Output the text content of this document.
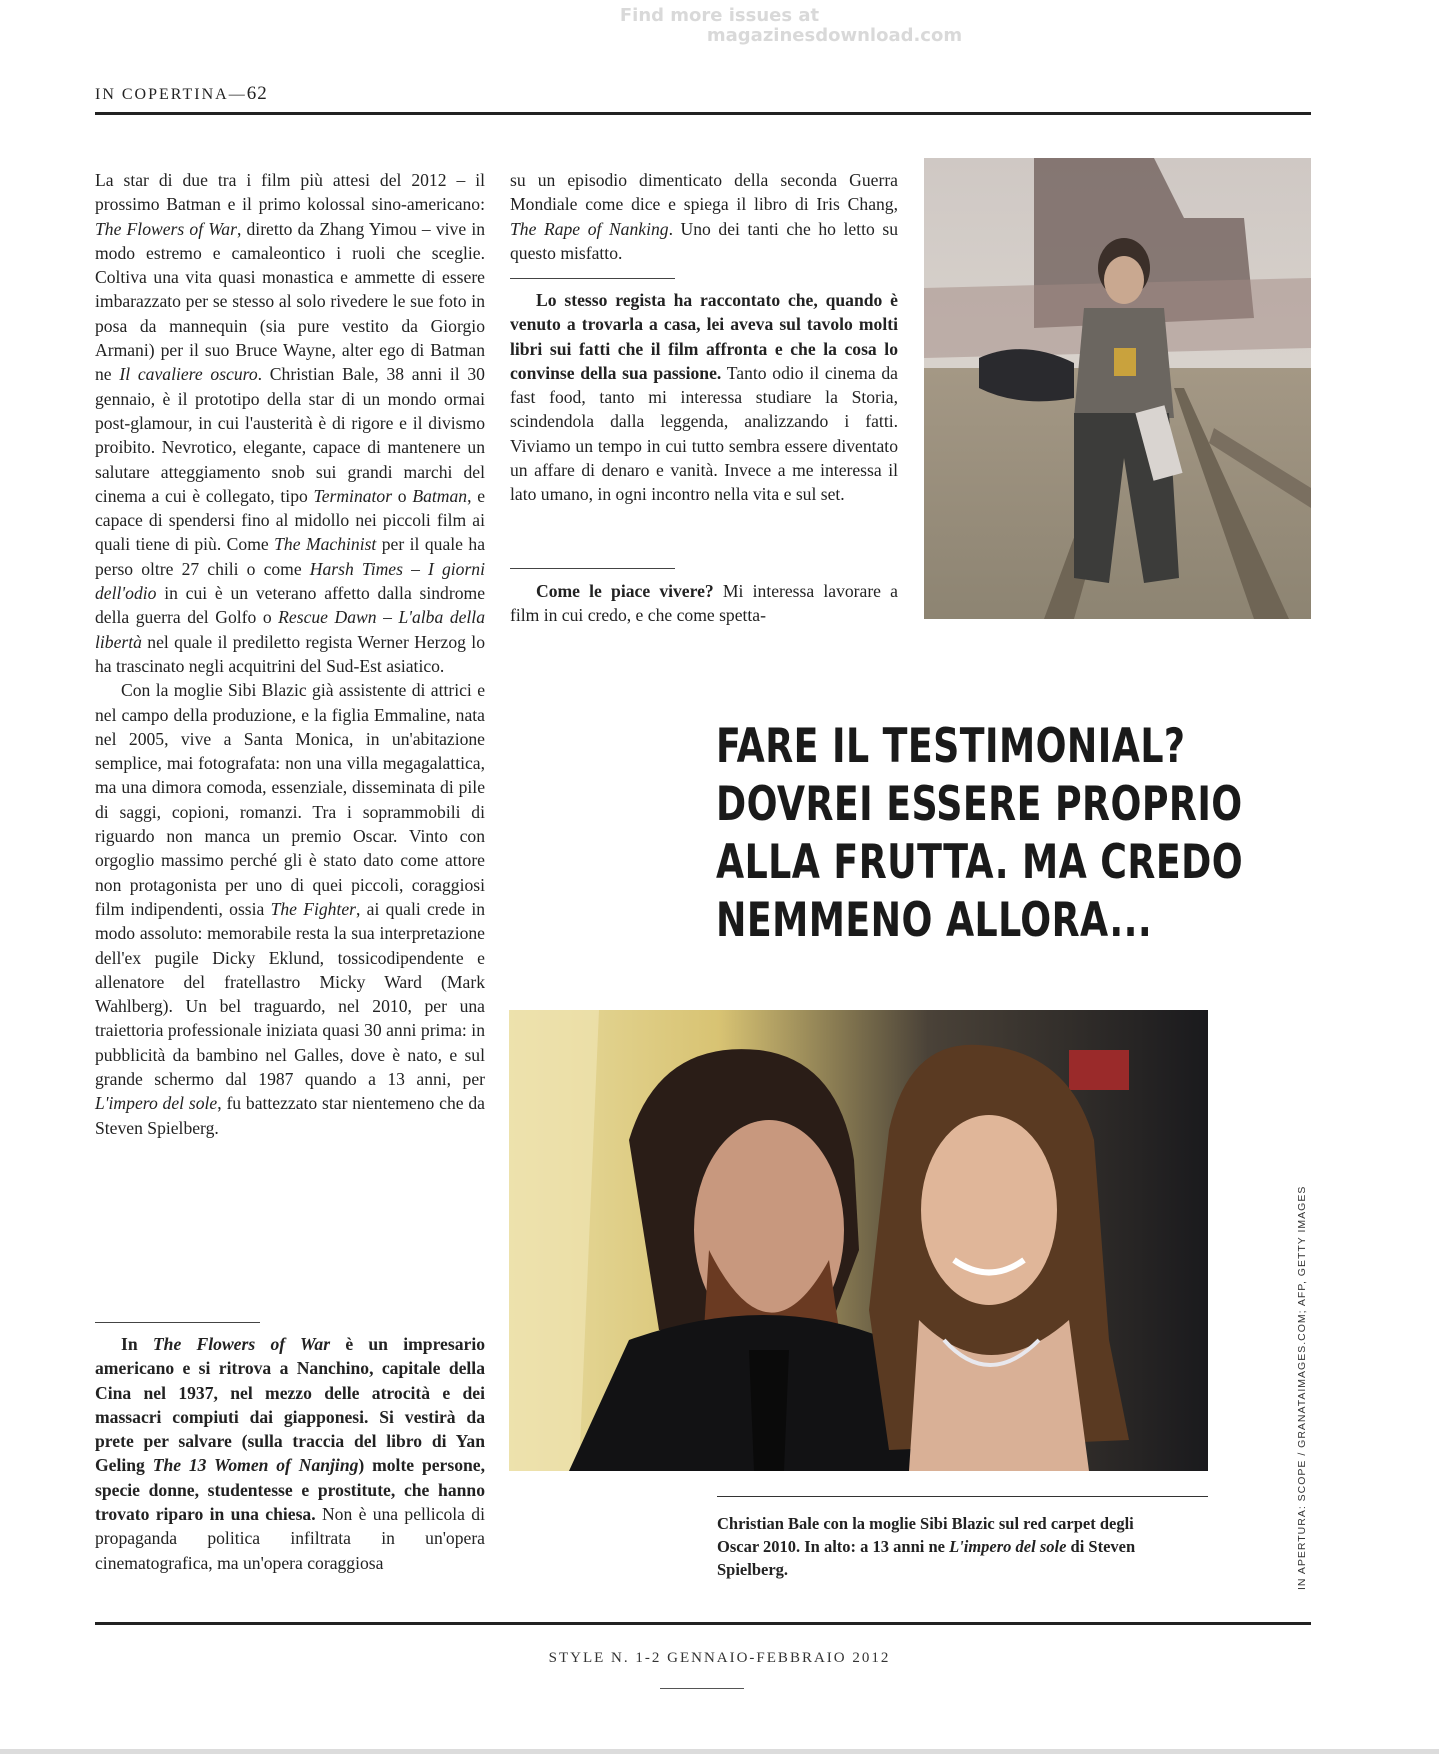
Find more issues at
magazinesdownload.com
IN COPERTINA—62

La star di due tra i film più attesi del 2012 – il prossimo Batman e il primo kolossal sino-americano: The Flowers of War, diretto da Zhang Yimou – vive in modo estremo e camaleontico i ruoli che sceglie. Coltiva una vita quasi monastica e ammette di essere imbarazzato per se stesso al solo rivedere le sue foto in posa da mannequin (sia pure vestito da Giorgio Armani) per il suo Bruce Wayne, alter ego di Batman ne Il cavaliere oscuro. Christian Bale, 38 anni il 30 gennaio, è il prototipo della star di un mondo ormai post-glamour, in cui l'austerità è di rigore e il divismo proibito. Nevrotico, elegante, capace di mantenere un salutare atteggiamento snob sui grandi marchi del cinema a cui è collegato, tipo Terminator o Batman, e capace di spendersi fino al midollo nei piccoli film ai quali tiene di più. Come The Machinist per il quale ha perso oltre 27 chili o come Harsh Times – I giorni dell'odio in cui è un veterano affetto dalla sindrome della guerra del Golfo o Rescue Dawn – L'alba della libertà nel quale il prediletto regista Werner Herzog lo ha trascinato negli acquitrini del Sud-Est asiatico.

Con la moglie Sibi Blazic già assistente di attrici e nel campo della produzione, e la figlia Emmaline, nata nel 2005, vive a Santa Monica, in un'abitazione semplice, mai fotografata: non una villa megagalattica, ma una dimora comoda, essenziale, disseminata di pile di saggi, copioni, romanzi. Tra i soprammobili di riguardo non manca un premio Oscar. Vinto con orgoglio massimo perché gli è stato dato come attore non protagonista per uno di quei piccoli, coraggiosi film indipendenti, ossia The Fighter, ai quali crede in modo assoluto: memorabile resta la sua interpretazione dell'ex pugile Dicky Eklund, tossicodipendente e allenatore del fratellastro Micky Ward (Mark Wahlberg). Un bel traguardo, nel 2010, per una traiettoria professionale iniziata quasi 30 anni prima: in pubblicità da bambino nel Galles, dove è nato, e sul grande schermo dal 1987 quando a 13 anni, per L'impero del sole, fu battezzato star nientemeno che da Steven Spielberg.

In The Flowers of War è un impresario americano e si ritrova a Nanchino, capitale della Cina nel 1937, nel mezzo delle atrocità e dei massacri compiuti dai giapponesi. Si vestirà da prete per salvare (sulla traccia del libro di Yan Geling The 13 Women of Nanjing) molte persone, specie donne, studentesse e prostitute, che hanno trovato riparo in una chiesa. Non è una pellicola di propaganda politica infiltrata in un'opera cinematografica, ma un'opera coraggiosa

su un episodio dimenticato della seconda Guerra Mondiale come dice e spiega il libro di Iris Chang, The Rape of Nanking. Uno dei tanti che ho letto su questo misfatto.

Lo stesso regista ha raccontato che, quando è venuto a trovarla a casa, lei aveva sul tavolo molti libri sui fatti che il film affronta e che la cosa lo convinse della sua passione. Tanto odio il cinema da fast food, tanto mi interessa studiare la Storia, scindendola dalla leggenda, analizzando i fatti. Viviamo un tempo in cui tutto sembra essere diventato un affare di denaro e vanità. Invece a me interessa il lato umano, in ogni incontro nella vita e sul set.

Come le piace vivere? Mi interessa lavorare a film in cui credo, e che come spetta-

FARE IL TESTIMONIAL?
DOVREI ESSERE PROPRIO
ALLA FRUTTA. MA CREDO
NEMMENO ALLORA...
Christian Bale con la moglie Sibi Blazic sul red carpet degli Oscar 2010. In alto: a 13 anni ne L'impero del sole di Steven Spielberg.	IN APERTURA: SCOPE / GRANATAIMAGES.COM; AFP, GETTY IMAGES
STYLE N. 1-2 GENNAIO-FEBBRAIO 2012
